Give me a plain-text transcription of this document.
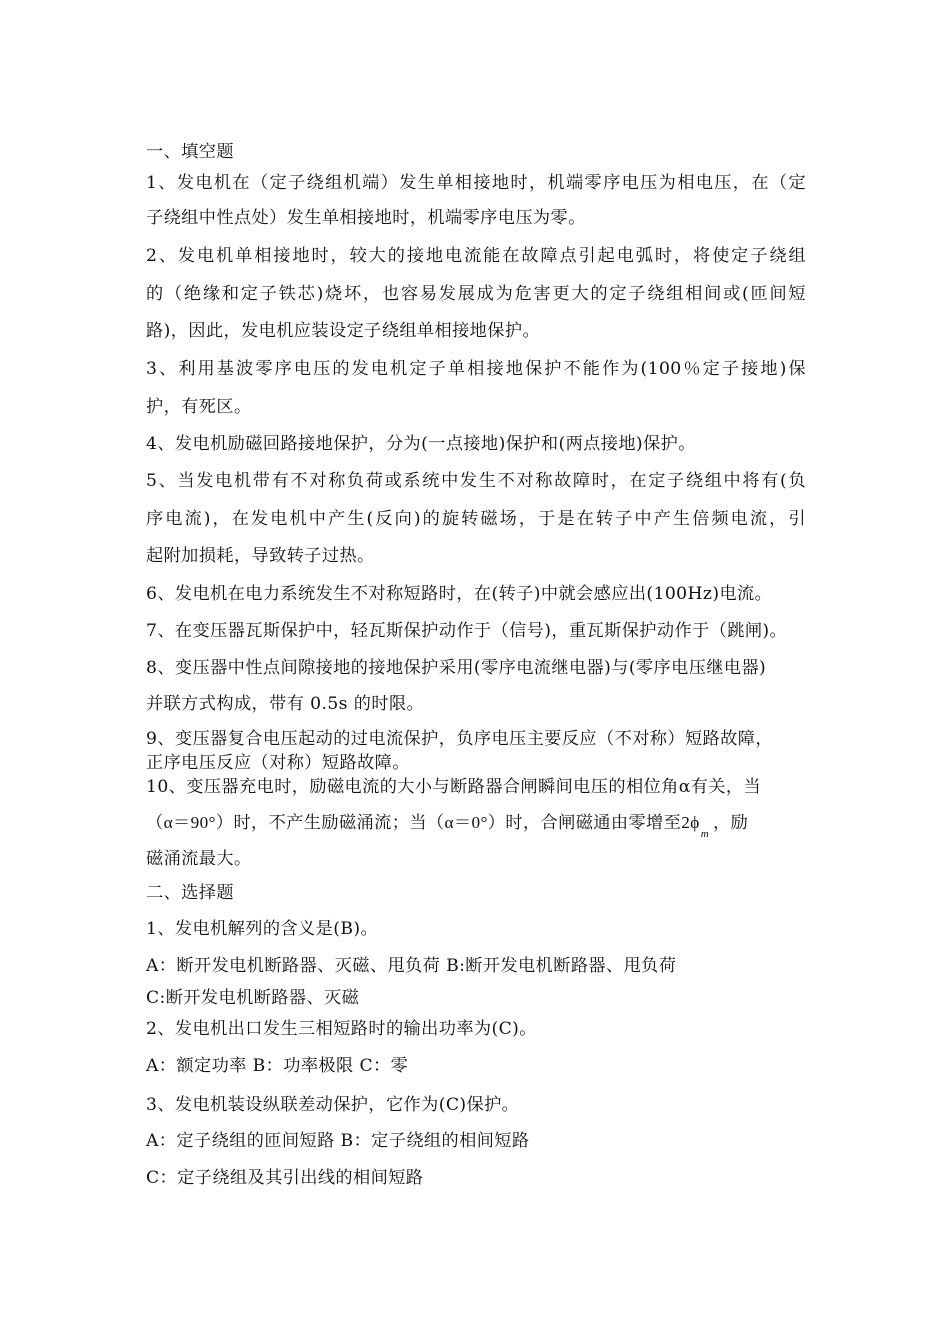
一、填空题
1、发电机在（定子绕组机端）发生单相接地时，机端零序电压为相电压，在（定
子绕组中性点处）发生单相接地时，机端零序电压为零。
2、发电机单相接地时，较大的接地电流能在故障点引起电弧时，将使定子绕组
的（绝缘和定子铁芯)烧坏，也容易发展成为危害更大的定子绕组相间或(匝间短
路)，因此，发电机应装设定子绕组单相接地保护。
3、利用基波零序电压的发电机定子单相接地保护不能作为(100％定子接地)保
护，有死区。
4、发电机励磁回路接地保护，分为(一点接地)保护和(两点接地)保护。
5、当发电机带有不对称负荷或系统中发生不对称故障时，在定子绕组中将有(负
序电流)，在发电机中产生(反向)的旋转磁场，于是在转子中产生倍频电流，引
起附加损耗，导致转子过热。
6、发电机在电力系统发生不对称短路时，在(转子)中就会感应出(100Hz)电流。
7、在变压器瓦斯保护中，轻瓦斯保护动作于（信号)，重瓦斯保护动作于（跳闸)。
8、变压器中性点间隙接地的接地保护采用(零序电流继电器)与(零序电压继电器)
并联方式构成，带有 0.5s 的时限。
9、变压器复合电压起动的过电流保护，负序电压主要反应（不对称）短路故障，
正序电压反应（对称）短路故障。
10、变压器充电时，励磁电流的大小与断路器合闸瞬间电压的相位角α有关，当
（α＝90°）时，不产生励磁涌流；当（α＝0°）时，合闸磁通由零增至$2\phi_m$，励
磁涌流最大。
二、选择题
1、发电机解列的含义是(B)。
A：断开发电机断路器、灭磁、甩负荷 B:断开发电机断路器、甩负荷
C:断开发电机断路器、灭磁
2、发电机出口发生三相短路时的输出功率为(C)。
A：额定功率 B：功率极限 C：零
3、发电机装设纵联差动保护，它作为(C)保护。
A：定子绕组的匝间短路 B：定子绕组的相间短路
C：定子绕组及其引出线的相间短路
